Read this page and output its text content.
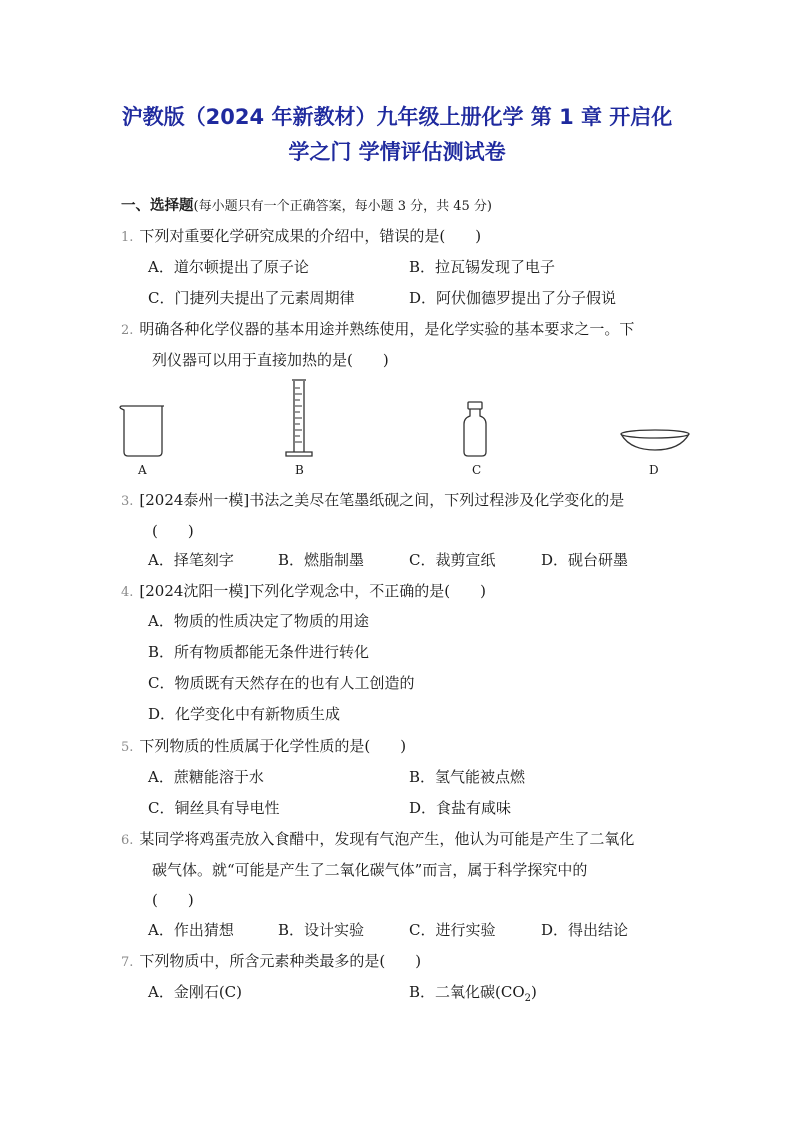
沪教版（2024 年新教材）九年级上册化学 第 1 章 开启化
学之门 学情评估测试卷
一、选择题(每小题只有一个正确答案，每小题 3 分，共 45 分)
1. 下列对重要化学研究成果的介绍中，错误的是(　　)
A．道尔顿提出了原子论	B．拉瓦锡发现了电子
C．门捷列夫提出了元素周期律	D．阿伏伽德罗提出了分子假说
2. 明确各种化学仪器的基本用途并熟练使用，是化学实验的基本要求之一。下
列仪器可以用于直接加热的是(　　)
A	B	C	D
3. [2024泰州一模]书法之美尽在笔墨纸砚之间，下列过程涉及化学变化的是
(　　)
A．择笔刻字	B．燃脂制墨	C．裁剪宣纸	D．砚台研墨
4. [2024沈阳一模]下列化学观念中，不正确的是(　　)
A．物质的性质决定了物质的用途
B．所有物质都能无条件进行转化
C．物质既有天然存在的也有人工创造的
D．化学变化中有新物质生成
5. 下列物质的性质属于化学性质的是(　　)
A．蔗糖能溶于水	B．氢气能被点燃
C．铜丝具有导电性	D．食盐有咸味
6. 某同学将鸡蛋壳放入食醋中，发现有气泡产生，他认为可能是产生了二氧化
碳气体。就“可能是产生了二氧化碳气体”而言，属于科学探究中的
(　　)
A．作出猜想	B．设计实验	C．进行实验	D．得出结论
7. 下列物质中，所含元素种类最多的是(　　)
A．金刚石(C)	B．二氧化碳$(CO_2)$
